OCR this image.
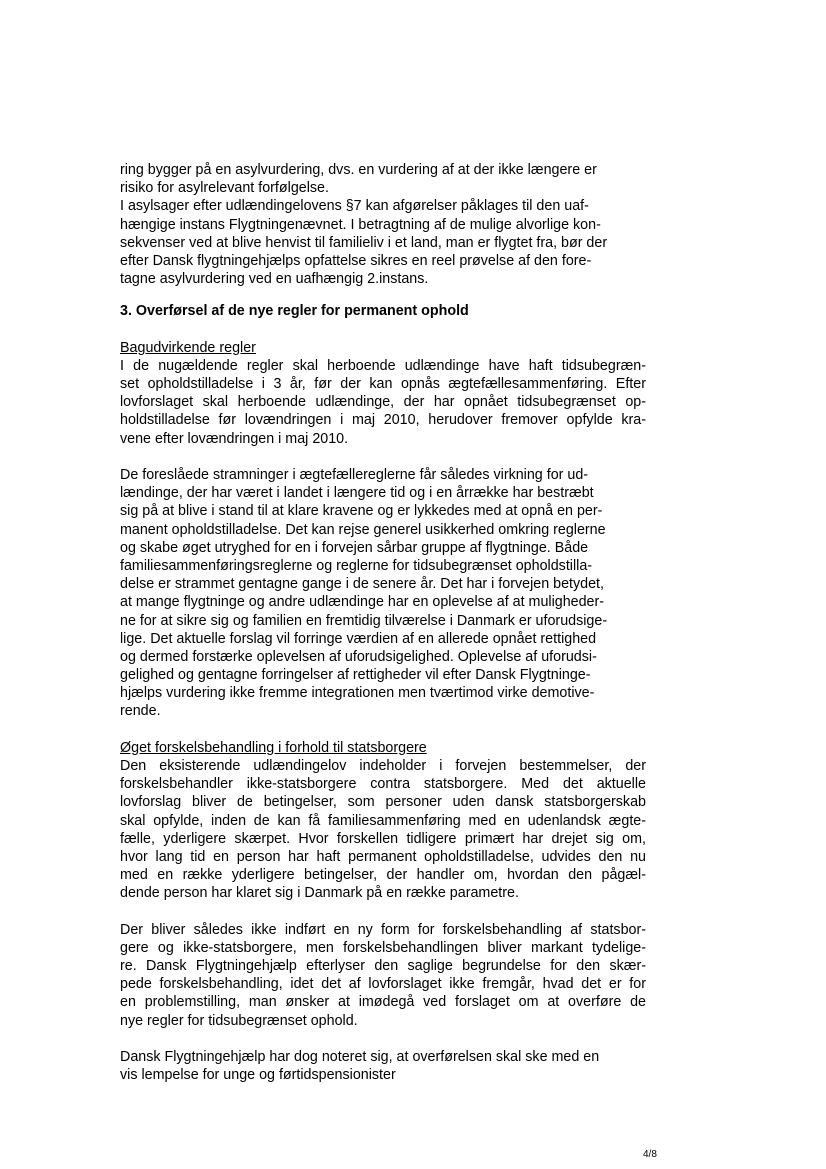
ring bygger på en asylvurdering, dvs. en vurdering af at der ikke længere er
risiko for asylrelevant forfølgelse.
I asylsager efter udlændingelovens §7 kan afgørelser påklages til den uaf-
hængige instans Flygtningenævnet. I betragtning af de mulige alvorlige kon-
sekvenser ved at blive henvist til familieliv i et land, man er flygtet fra, bør der
efter Dansk flygtningehjælps opfattelse sikres en reel prøvelse af den fore-
tagne asylvurdering ved en uafhængig 2.instans.
3. Overførsel af de nye regler for permanent ophold
Bagudvirkende regler
I de nugældende regler skal herboende udlændinge have haft tidsubegræn-
set opholdstilladelse i 3 år, før der kan opnås ægtefællesammenføring. Efter
lovforslaget skal herboende udlændinge, der har opnået tidsubegrænset op-
holdstilladelse før lovændringen i maj 2010, herudover fremover opfylde kra-
vene efter lovændringen i maj 2010.
De foreslåede stramninger i ægtefællereglerne får således virkning for ud-
lændinge, der har været i landet i længere tid og i en årrække har bestræbt
sig på at blive i stand til at klare kravene og er lykkedes med at opnå en per-
manent opholdstilladelse. Det kan rejse generel usikkerhed omkring reglerne
og skabe øget utryghed for en i forvejen sårbar gruppe af flygtninge. Både
familiesammenføringsreglerne og reglerne for tidsubegrænset opholdstilla-
delse er strammet gentagne gange i de senere år. Det har i forvejen betydet,
at mange flygtninge og andre udlændinge har en oplevelse af at muligheder-
ne for at sikre sig og familien en fremtidig tilværelse i Danmark er uforudsige-
lige. Det aktuelle forslag vil forringe værdien af en allerede opnået rettighed
og dermed forstærke oplevelsen af uforudsigelighed. Oplevelse af uforudsi-
gelighed og gentagne forringelser af rettigheder vil efter Dansk Flygtninge-
hjælps vurdering ikke fremme integrationen men tværtimod virke demotive-
rende.
Øget forskelsbehandling i forhold til statsborgere
Den eksisterende udlændingelov indeholder i forvejen bestemmelser, der
forskelsbehandler ikke-statsborgere contra statsborgere. Med det aktuelle
lovforslag bliver de betingelser, som personer uden dansk statsborgerskab
skal opfylde, inden de kan få familiesammenføring med en udenlandsk ægte-
fælle, yderligere skærpet. Hvor forskellen tidligere primært har drejet sig om,
hvor lang tid en person har haft permanent opholdstilladelse, udvides den nu
med en række yderligere betingelser, der handler om, hvordan den pågæl-
dende person har klaret sig i Danmark på en række parametre.
Der bliver således ikke indført en ny form for forskelsbehandling af statsbor-
gere og ikke-statsborgere, men forskelsbehandlingen bliver markant tydelige-
re. Dansk Flygtningehjælp efterlyser den saglige begrundelse for den skær-
pede forskelsbehandling, idet det af lovforslaget ikke fremgår, hvad det er for
en problemstilling, man ønsker at imødegå ved forslaget om at overføre de
nye regler for tidsubegrænset ophold.
Dansk Flygtningehjælp har dog noteret sig, at overførelsen skal ske med en
vis lempelse for unge og førtidspensionister
4/8
